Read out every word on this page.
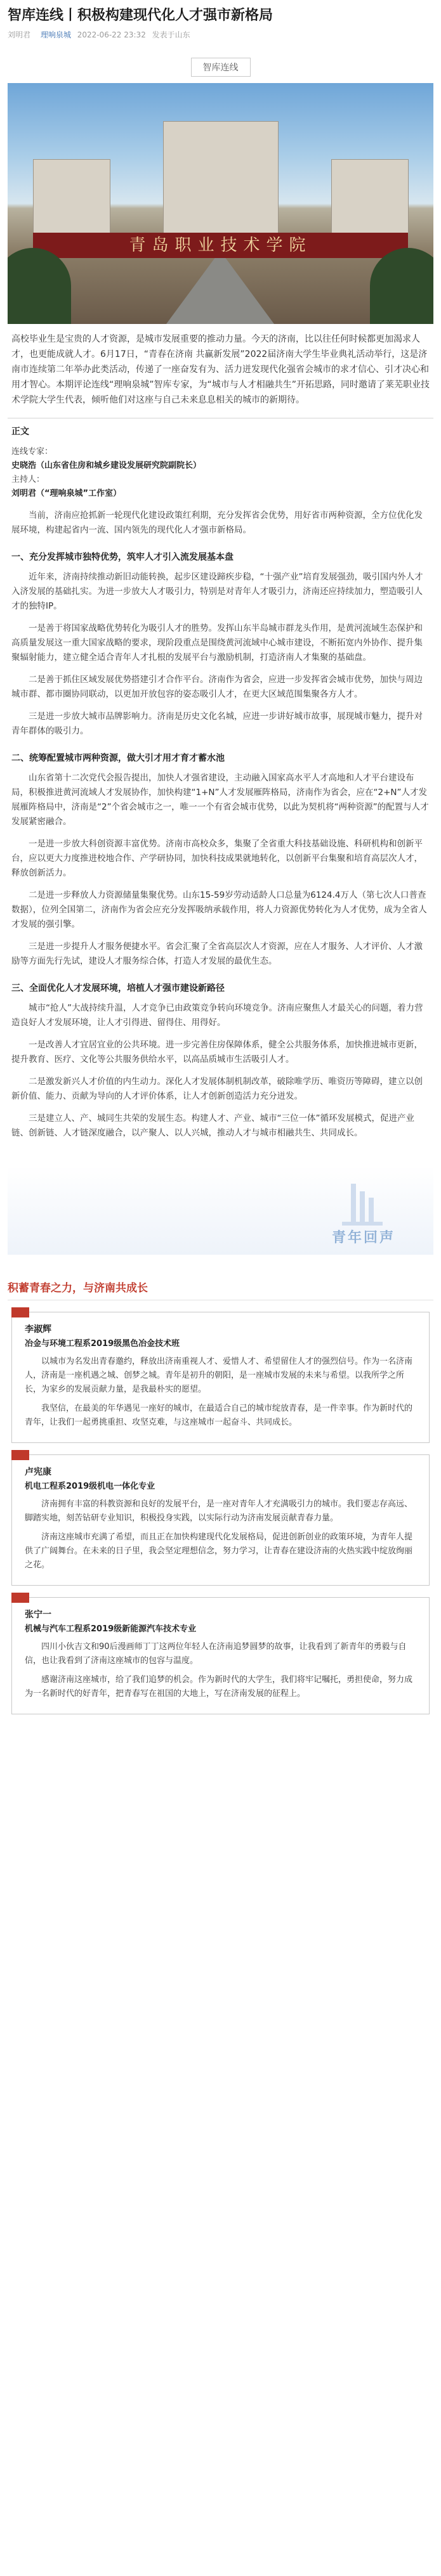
智库连线丨积极构建现代化人才强市新格局
刘明君 理响泉城 2022-06-22 23:32 发表于山东
智库连线
青岛职业技术学院

高校毕业生是宝贵的人才资源，是城市发展重要的推动力量。今天的济南，比以往任何时候都更加渴求人才，也更能成就人才。6月17日，“青春在济南 共赢新发展”2022届济南大学生毕业典礼活动举行，这是济南市连续第二年举办此类活动，传递了一座奋发有为、活力迸发现代化强省会城市的求才信心、引才决心和用才智心。本期评论连线“理响泉城”智库专家，为“城市与人才相融共生”开拓思路，同时邀请了莱芜职业技术学院大学生代表，倾听他们对这座与自己未来息息相关的城市的新期待。

正文
连线专家：
史晓浩（山东省住房和城乡建设发展研究院副院长）
主持人：
刘明君（“理响泉城”工作室）

当前，济南应抢抓新一轮现代化建设政策红利期，充分发挥省会优势，用好省市两种资源，全方位优化发展环境，构建起省内一流、国内领先的现代化人才强市新格局。

一、充分发挥城市独特优势，筑牢人才引入流发展基本盘

近年来，济南持续推动新旧动能转换，起步区建设蹄疾步稳，“十强产业”培育发展强劲，吸引国内外人才入济发展的基础扎实。为进一步放大人才吸引力，特别是对青年人才吸引力，济南还应持续加力，塑造吸引人才的独特IP。

一是善于将国家战略优势转化为吸引人才的胜势。发挥山东半岛城市群龙头作用，是黄河流域生态保护和高质量发展这一重大国家战略的要求，现阶段重点是围绕黄河流域中心城市建设，不断拓宽内外协作、提升集聚辐射能力，建立健全适合青年人才扎根的发展平台与激励机制，打造济南人才集聚的基础盘。

二是善于抓住区域发展优势搭建引才合作平台。济南作为省会，应进一步发挥省会城市优势，加快与周边城市群、都市圈协同联动，以更加开放包容的姿态吸引人才，在更大区域范围集聚各方人才。

三是进一步放大城市品牌影响力。济南是历史文化名城，应进一步讲好城市故事，展现城市魅力，提升对青年群体的吸引力。

二、统筹配置城市两种资源，做大引才用才育才蓄水池

山东省第十二次党代会报告提出，加快人才强省建设，主动融入国家高水平人才高地和人才平台建设布局，积极推进黄河流域人才发展协作，加快构建“1+N”人才发展雁阵格局，济南作为省会，应在“2+N”人才发展雁阵格局中，济南是“2”个省会城市之一，唯一一个有省会城市优势，以此为契机将“两种资源”的配置与人才发展紧密融合。

一是进一步放大科创资源丰富优势。济南市高校众多，集聚了全省重大科技基础设施、科研机构和创新平台，应以更大力度推进校地合作、产学研协同，加快科技成果就地转化，以创新平台集聚和培育高层次人才，释放创新活力。

二是进一步释放人力资源储量集聚优势。山东15-59岁劳动适龄人口总量为6124.4万人（第七次人口普查数据），位列全国第二，济南作为省会应充分发挥吸纳承载作用，将人力资源优势转化为人才优势，成为全省人才发展的强引擎。

三是进一步提升人才服务便捷水平。省会汇聚了全省高层次人才资源，应在人才服务、人才评价、人才激励等方面先行先试，建设人才服务综合体，打造人才发展的最优生态。

三、全面优化人才发展环境，培植人才强市建设新路径

城市“抢人”大战持续升温，人才竞争已由政策竞争转向环境竞争。济南应聚焦人才最关心的问题，着力营造良好人才发展环境，让人才引得进、留得住、用得好。

一是改善人才宜居宜业的公共环境。进一步完善住房保障体系，健全公共服务体系，加快推进城市更新，提升教育、医疗、文化等公共服务供给水平，以高品质城市生活吸引人才。

二是激发新兴人才价值的内生动力。深化人才发展体制机制改革，破除唯学历、唯资历等障碍，建立以创新价值、能力、贡献为导向的人才评价体系，让人才创新创造活力充分迸发。

三是建立人、产、城同生共荣的发展生态。构建人才、产业、城市“三位一体”循环发展模式，促进产业链、创新链、人才链深度融合，以产聚人、以人兴城，推动人才与城市相融共生、共同成长。

青年回声
积蓄青春之力，与济南共成长
李淑辉
冶金与环境工程系2019级黑色冶金技术班

以城市为名发出青春邀约，释放出济南重视人才、爱惜人才、希望留住人才的强烈信号。作为一名济南人，济南是一座机遇之城、创梦之城。青年是初升的朝阳，是一座城市发展的未来与希望。以我所学之所长，为家乡的发展贡献力量，是我最朴实的愿望。

我坚信，在最美的年华遇见一座好的城市，在最适合自己的城市绽放青春，是一件幸事。作为新时代的青年，让我们一起勇挑重担、攻坚克难，与这座城市一起奋斗、共同成长。

卢宪康
机电工程系2019级机电一体化专业

济南拥有丰富的科教资源和良好的发展平台，是一座对青年人才充满吸引力的城市。我们要志存高远、脚踏实地，刻苦钻研专业知识，积极投身实践，以实际行动为济南发展贡献青春力量。

济南这座城市充满了希望，而且正在加快构建现代化发展格局，促进创新创业的政策环境，为青年人提供了广阔舞台。在未来的日子里，我会坚定理想信念，努力学习，让青春在建设济南的火热实践中绽放绚丽之花。

张宁一
机械与汽车工程系2019级新能源汽车技术专业

四川小伙吉文和90后漫画师丁丁这两位年轻人在济南追梦圆梦的故事，让我看到了新青年的勇毅与自信，也让我看到了济南这座城市的包容与温度。

感谢济南这座城市，给了我们追梦的机会。作为新时代的大学生，我们将牢记嘱托，勇担使命，努力成为一名新时代的好青年，把青春写在祖国的大地上，写在济南发展的征程上。
